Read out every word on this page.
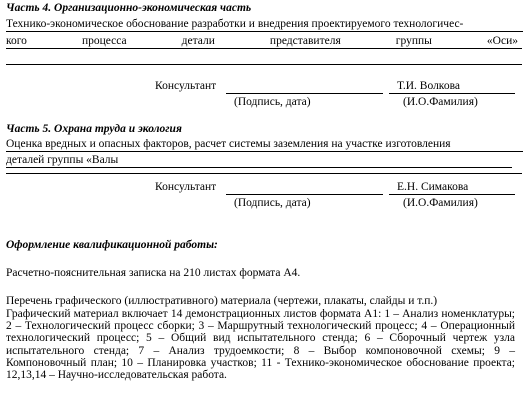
Часть 4. Организационно-экономическая часть
Технико-экономическое обоснование разработки и внедрения проектируемого технологичес-
кого	процесса	детали	представителя	группы	«Оси»
Консультант	Т.И. Волкова
(Подпись, дата)	(И.О.Фамилия)
Часть 5. Охрана труда и экология
Оценка вредных и опасных факторов, расчет системы заземления на участке изготовления
деталей группы «Валы
Консультант	Е.Н. Симакова
(Подпись, дата)	(И.О.Фамилия)
Оформление квалификационной работы:
Расчетно-пояснительная записка на 210 листах формата А4.
Перечень графического (иллюстративного) материала (чертежи, плакаты, слайды и т.п.)
Графический материал включает 14 демонстрационных листов формата А1: 1 – Анализ номенклатуры; 2 – Технологический процесс сборки; 3 – Маршрутный технологический процесс; 4 – Операционный технологический процесс; 5 – Общий вид испытательного стенда; 6 – Сборочный чертеж узла испытательного стенда; 7 – Анализ трудоемкости; 8 – Выбор компоновочной схемы; 9 – Компоновочный план; 10 – Планировка участков; 11 - Технико-экономическое обоснование проекта; 12,13,14 – Научно-исследовательская работа.
